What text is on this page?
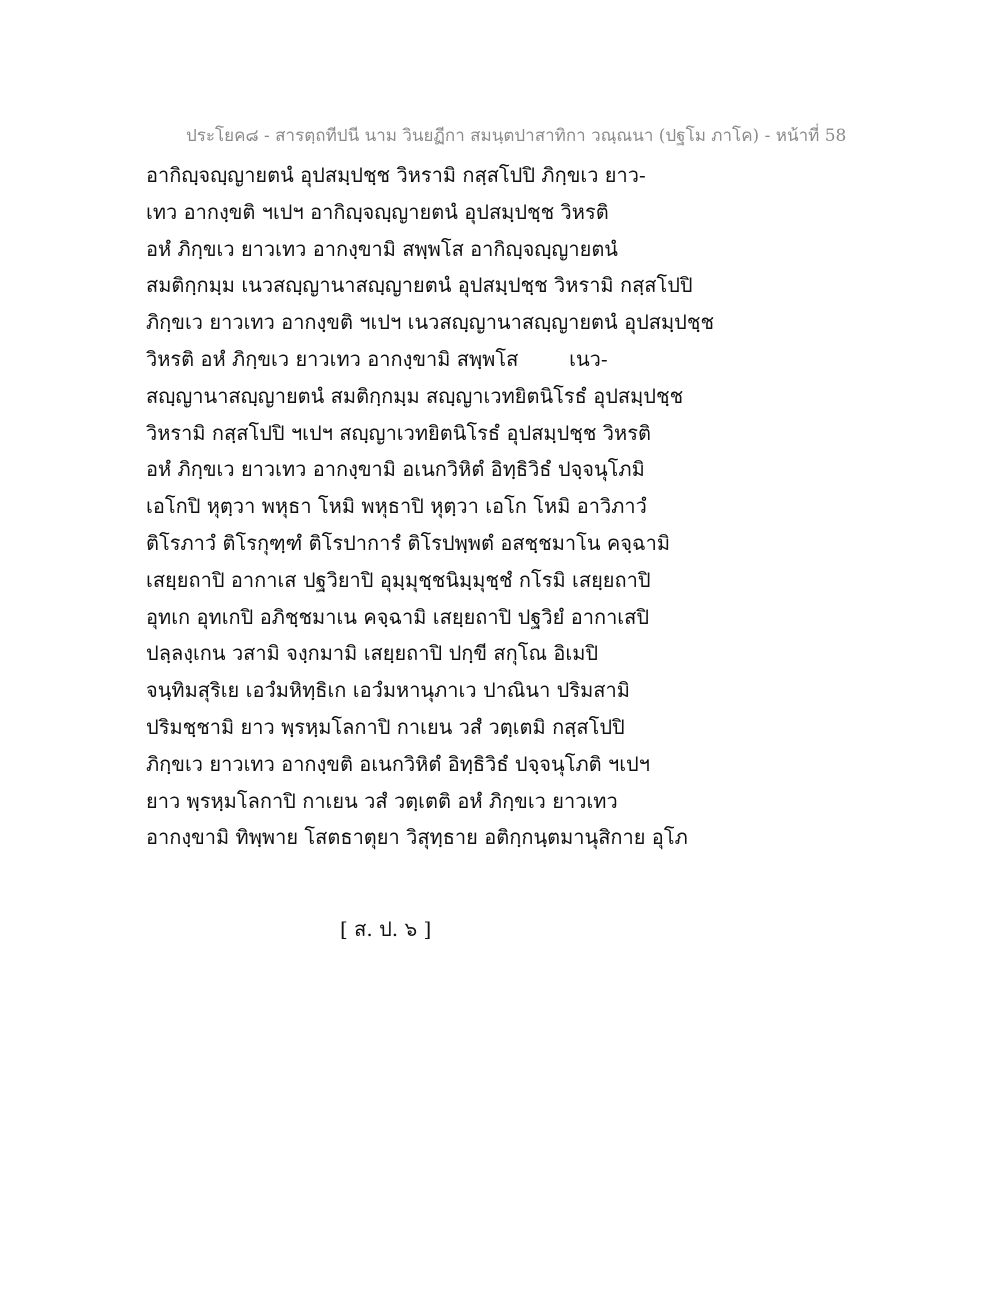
ประโยค๘ - สารตฺถทีปนี นาม วินยฏีกา สมนฺตปาสาทิกา วณฺณนา (ปฐโม ภาโค) - หน้าที่ 58
อากิญฺจญฺญายตนํ อุปสมฺปชฺช วิหรามิ กสฺสโปปิ ภิกฺขเว ยาว-
เทว อากงฺขติ ฯเปฯ อากิญฺจญฺญายตนํ อุปสมฺปชฺช วิหรติ
อหํ ภิกฺขเว ยาวเทว อากงฺขามิ สพฺพโส อากิญฺจญฺญายตนํ
สมติกฺกมฺม เนวสญฺญานาสญฺญายตนํ อุปสมฺปชฺช วิหรามิ กสฺสโปปิ
ภิกฺขเว ยาวเทว อากงฺขติ ฯเปฯ เนวสญฺญานาสญฺญายตนํ อุปสมฺปชฺช
วิหรติ อหํ ภิกฺขเว ยาวเทว อากงฺขามิ สพฺพโส        เนว-
สญฺญานาสญฺญายตนํ สมติกฺกมฺม สญฺญาเวทยิตนิโรธํ อุปสมฺปชฺช
วิหรามิ กสฺสโปปิ ฯเปฯ สญฺญาเวทยิตนิโรธํ อุปสมฺปชฺช วิหรติ
อหํ ภิกฺขเว ยาวเทว อากงฺขามิ อเนกวิหิตํ อิทฺธิวิธํ ปจฺจนุโภมิ
เอโกปิ หุตฺวา พหุธา โหมิ พหุธาปิ หุตฺวา เอโก โหมิ อาวิภาวํ
ติโรภาวํ ติโรกุฑฺฑํ ติโรปาการํ ติโรปพฺพตํ อสชฺชมาโน คจฺฉามิ
เสยฺยถาปิ อากาเส ปฐวิยาปิ อุมฺมุชฺชนิมฺมุชฺชํ กโรมิ เสยฺยถาปิ
อุทเก อุทเกปิ อภิชฺชมาเน คจฺฉามิ เสยฺยถาปิ ปฐวิยํ อากาเสปิ
ปลฺลงฺเกน วสามิ จงฺกมามิ เสยฺยถาปิ ปกฺขี สกุโณ อิเมปิ
จนฺทิมสุริเย เอวํมหิทฺธิเก เอวํมหานุภาเว ปาณินา ปริมสามิ
ปริมชฺชามิ ยาว พฺรหฺมโลกาปิ กาเยน วสํ วตฺเตมิ กสฺสโปปิ
ภิกฺขเว ยาวเทว อากงฺขติ อเนกวิหิตํ อิทฺธิวิธํ ปจฺจนุโภติ ฯเปฯ
ยาว พฺรหฺมโลกาปิ กาเยน วสํ วตฺเตติ อหํ ภิกฺขเว ยาวเทว
อากงฺขามิ ทิพฺพาย โสตธาตุยา วิสุทฺธาย อติกฺกนฺตมานุสิกาย อุโภ
[ ส. ป. ๖ ]
